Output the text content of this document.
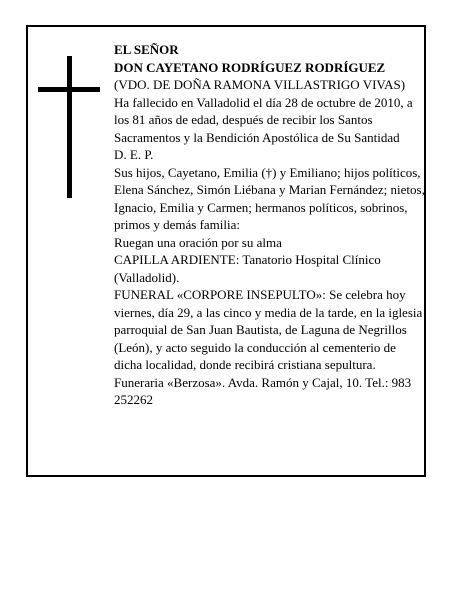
EL SEÑOR

DON CAYETANO RODRÍGUEZ RODRÍGUEZ

(VDO. DE DOÑA RAMONA VILLASTRIGO VIVAS)

Ha fallecido en Valladolid el día 28 de octubre de 2010, a los 81 años de edad, después de recibir los Santos Sacramentos y la Bendición Apostólica de Su Santidad

D. E. P.

Sus hijos, Cayetano, Emilia (†) y Emiliano; hijos políticos, Elena Sánchez, Simón Liébana y Marian Fernández; nietos, Ignacio, Emilia y Carmen; hermanos políticos, sobrinos, primos y demás familia:

Ruegan una oración por su alma

CAPILLA ARDIENTE: Tanatorio Hospital Clínico (Valladolid).

FUNERAL «CORPORE INSEPULTO»: Se celebra hoy viernes, día 29, a las cinco y media de la tarde, en la iglesia parroquial de San Juan Bautista, de Laguna de Negrillos (León), y acto seguido la conducción al cementerio de dicha localidad, donde recibirá cristiana sepultura.

Funeraria «Berzosa». Avda. Ramón y Cajal, 10. Tel.: 983 252262
